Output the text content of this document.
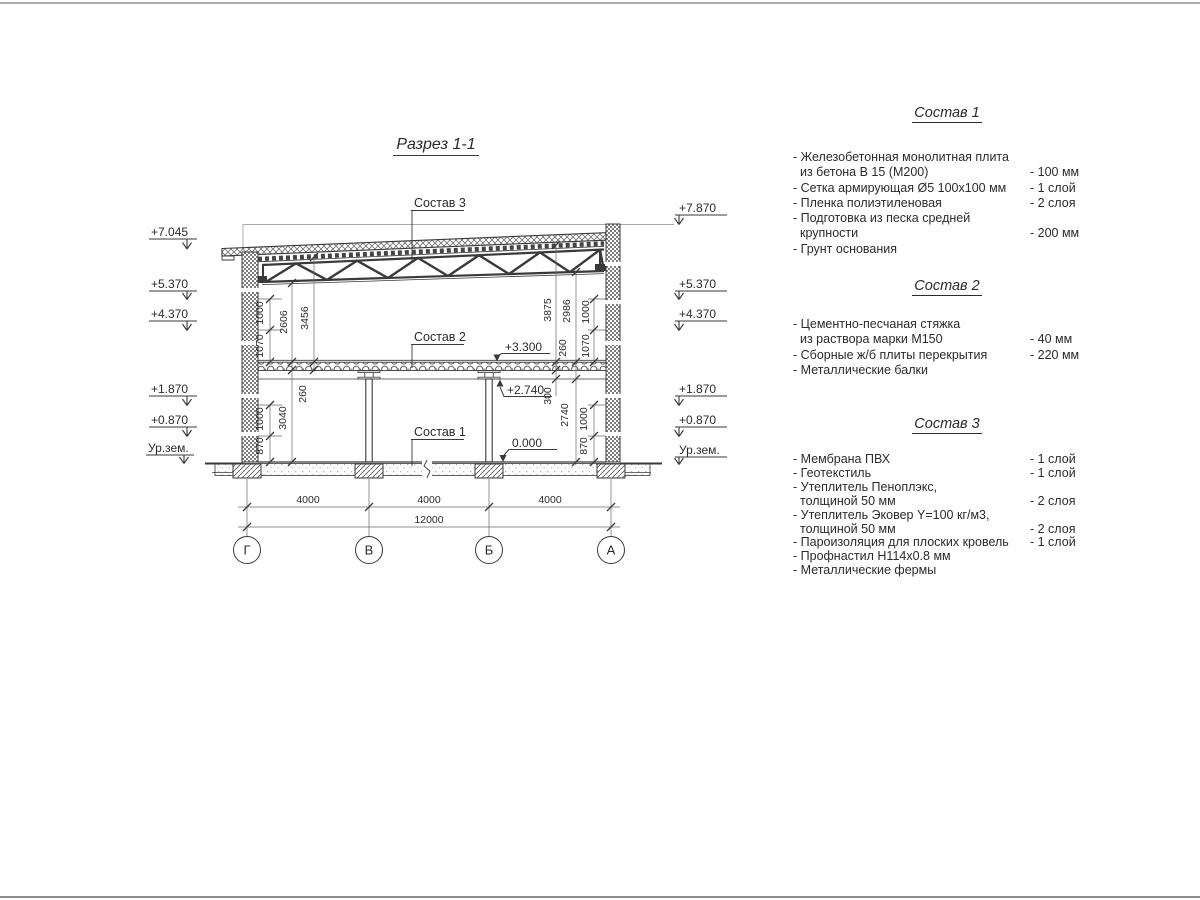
870
1000
1070
1000
3040
2606
260
3456
870
1000
1070
1000
2740
2986
300
3875
260
+7.045
+5.370
+4.370
+1.870
+0.870
Ур.зем.
+7.870
+5.370
+4.370
+1.870
+0.870
Ур.зем.
+3.300
+2.740
0.000
Состав 3
Состав 2
Состав 1
4000	4000	4000
12000
Г	В	Б	А
Разрез 1-1
Состав 1
- Железобетонная монолитная плита
из бетона В 15 (М200)	- 100 мм
- Сетка армирующая Ø5 100х100 мм	- 1 слой
- Пленка полиэтиленовая	- 2 слоя
- Подготовка из песка средней
крупности	- 200 мм
- Грунт основания
Состав 2
- Цементно-песчаная стяжка
из раствора марки М150	- 40 мм
- Сборные ж/б плиты перекрытия	- 220 мм
- Металлические балки
Состав 3
- Мембрана ПВХ	- 1 слой
- Геотекстиль	- 1 слой
- Утеплитель Пеноплэкс,
толщиной 50 мм	- 2 слоя
- Утеплитель Эковер Y=100 кг/м3,
толщиной 50 мм	- 2 слоя
- Пароизоляция для плоских кровель	- 1 слой
- Профнастил Н114х0.8 мм
- Металлические фермы
